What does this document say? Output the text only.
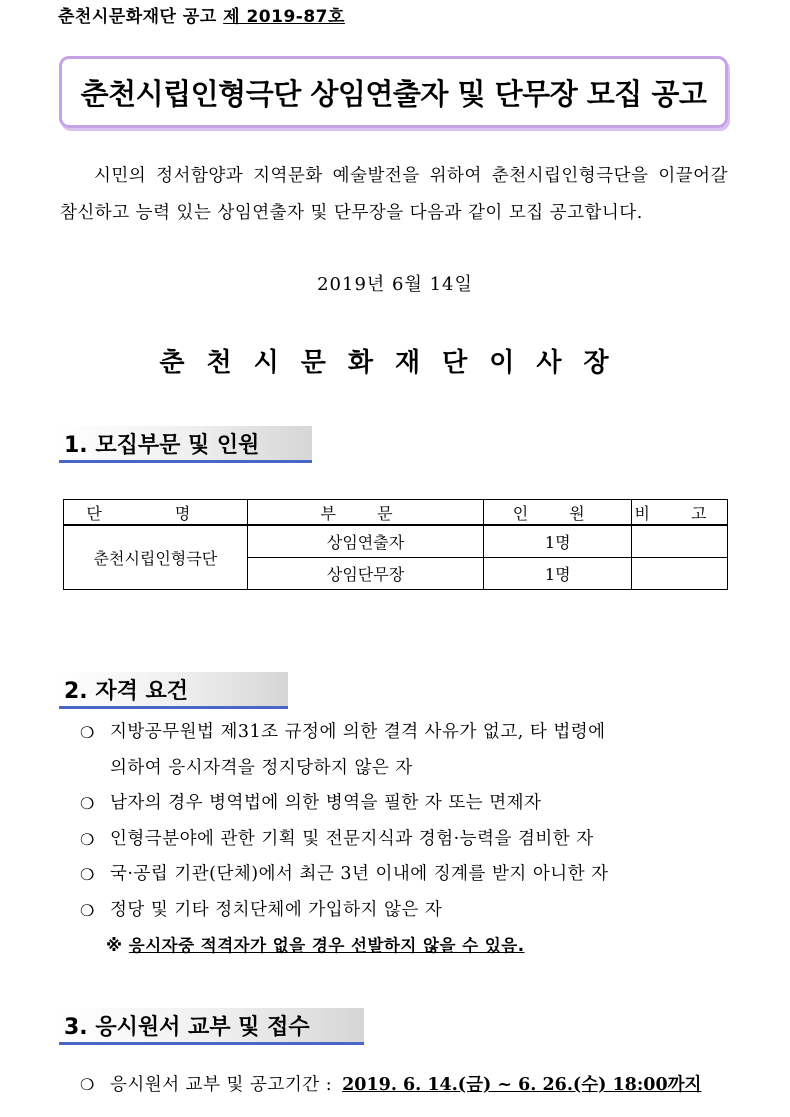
춘천시문화재단 공고 제 2019-87호
춘천시립인형극단 상임연출자 및 단무장 모집 공고
시민의 정서함양과 지역문화 예술발전을 위하여 춘천시립인형극단을 이끌어갈 참신하고 능력 있는 상임연출자 및 단무장을 다음과 같이 모집 공고합니다.
2019년 6월 14일
춘천시문화재단이사장
1. 모집부문 및 인원
단 명	부 문	인 원	비 고
춘천시립인형극단	상임연출자	1명	
	상임단무장	1명	
2. 자격 요건
❍ 지방공무원법 제31조 규정에 의한 결격 사유가 없고, 타 법령에
의하여 응시자격을 정지당하지 않은 자
❍ 남자의 경우 병역법에 의한 병역을 필한 자 또는 면제자
❍ 인형극분야에 관한 기획 및 전문지식과 경험·능력을 겸비한 자
❍ 국·공립 기관(단체)에서 최근 3년 이내에 징계를 받지 아니한 자
❍ 정당 및 기타 정치단체에 가입하지 않은 자
※ 응시자중 적격자가 없을 경우 선발하지 않을 수 있음.
3. 응시원서 교부 및 접수
❍ 응시원서 교부 및 공고기간 : 2019. 6. 14.(금) ~ 6. 26.(수) 18:00까지
